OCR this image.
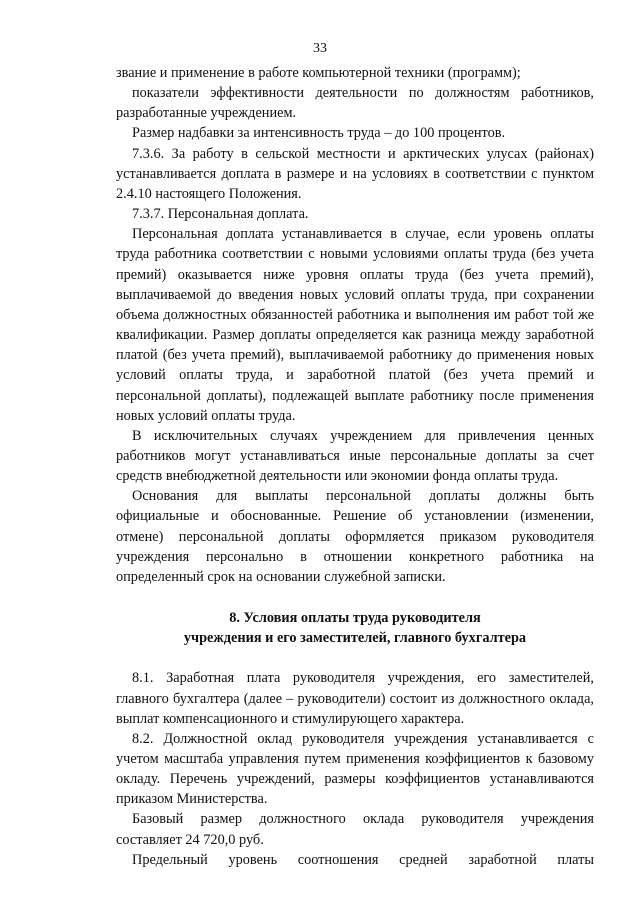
33

звание и применение в работе компьютерной техники (программ);

показатели эффективности деятельности по должностям работников, разработанные учреждением.

Размер надбавки за интенсивность труда – до 100 процентов.

7.3.6. За работу в сельской местности и арктических улусах (районах) устанавливается доплата в размере и на условиях в соответствии с пунктом 2.4.10 настоящего Положения.

7.3.7. Персональная доплата.

Персональная доплата устанавливается в случае, если уровень оплаты труда работника соответствии с новыми условиями оплаты труда (без учета премий) оказывается ниже уровня оплаты труда (без учета премий), выплачиваемой до введения новых условий оплаты труда, при сохранении объема должностных обязанностей работника и выполнения им работ той же квалификации. Размер доплаты определяется как разница между заработной платой (без учета премий), выплачиваемой работнику до применения новых условий оплаты труда, и заработной платой (без учета премий и персональной доплаты), подлежащей выплате работнику после применения новых условий оплаты труда.

В исключительных случаях учреждением для привлечения ценных работников могут устанавливаться иные персональные доплаты за счет средств внебюджетной деятельности или экономии фонда оплаты труда.

Основания для выплаты персональной доплаты должны быть официальные и обоснованные. Решение об установлении (изменении, отмене) персональной доплаты оформляется приказом руководителя учреждения персонально в отношении конкретного работника на определенный срок на основании служебной записки.

8. Условия оплаты труда руководителя
учреждения и его заместителей, главного бухгалтера

8.1. Заработная плата руководителя учреждения, его заместителей, главного бухгалтера (далее – руководители) состоит из должностного оклада, выплат компенсационного и стимулирующего характера.

8.2. Должностной оклад руководителя учреждения устанавливается с учетом масштаба управления путем применения коэффициентов к базовому окладу. Перечень учреждений, размеры коэффициентов устанавливаются приказом Министерства.

Базовый размер должностного оклада руководителя учреждения составляет 24 720,0 руб.

Предельный уровень соотношения средней заработной платы
